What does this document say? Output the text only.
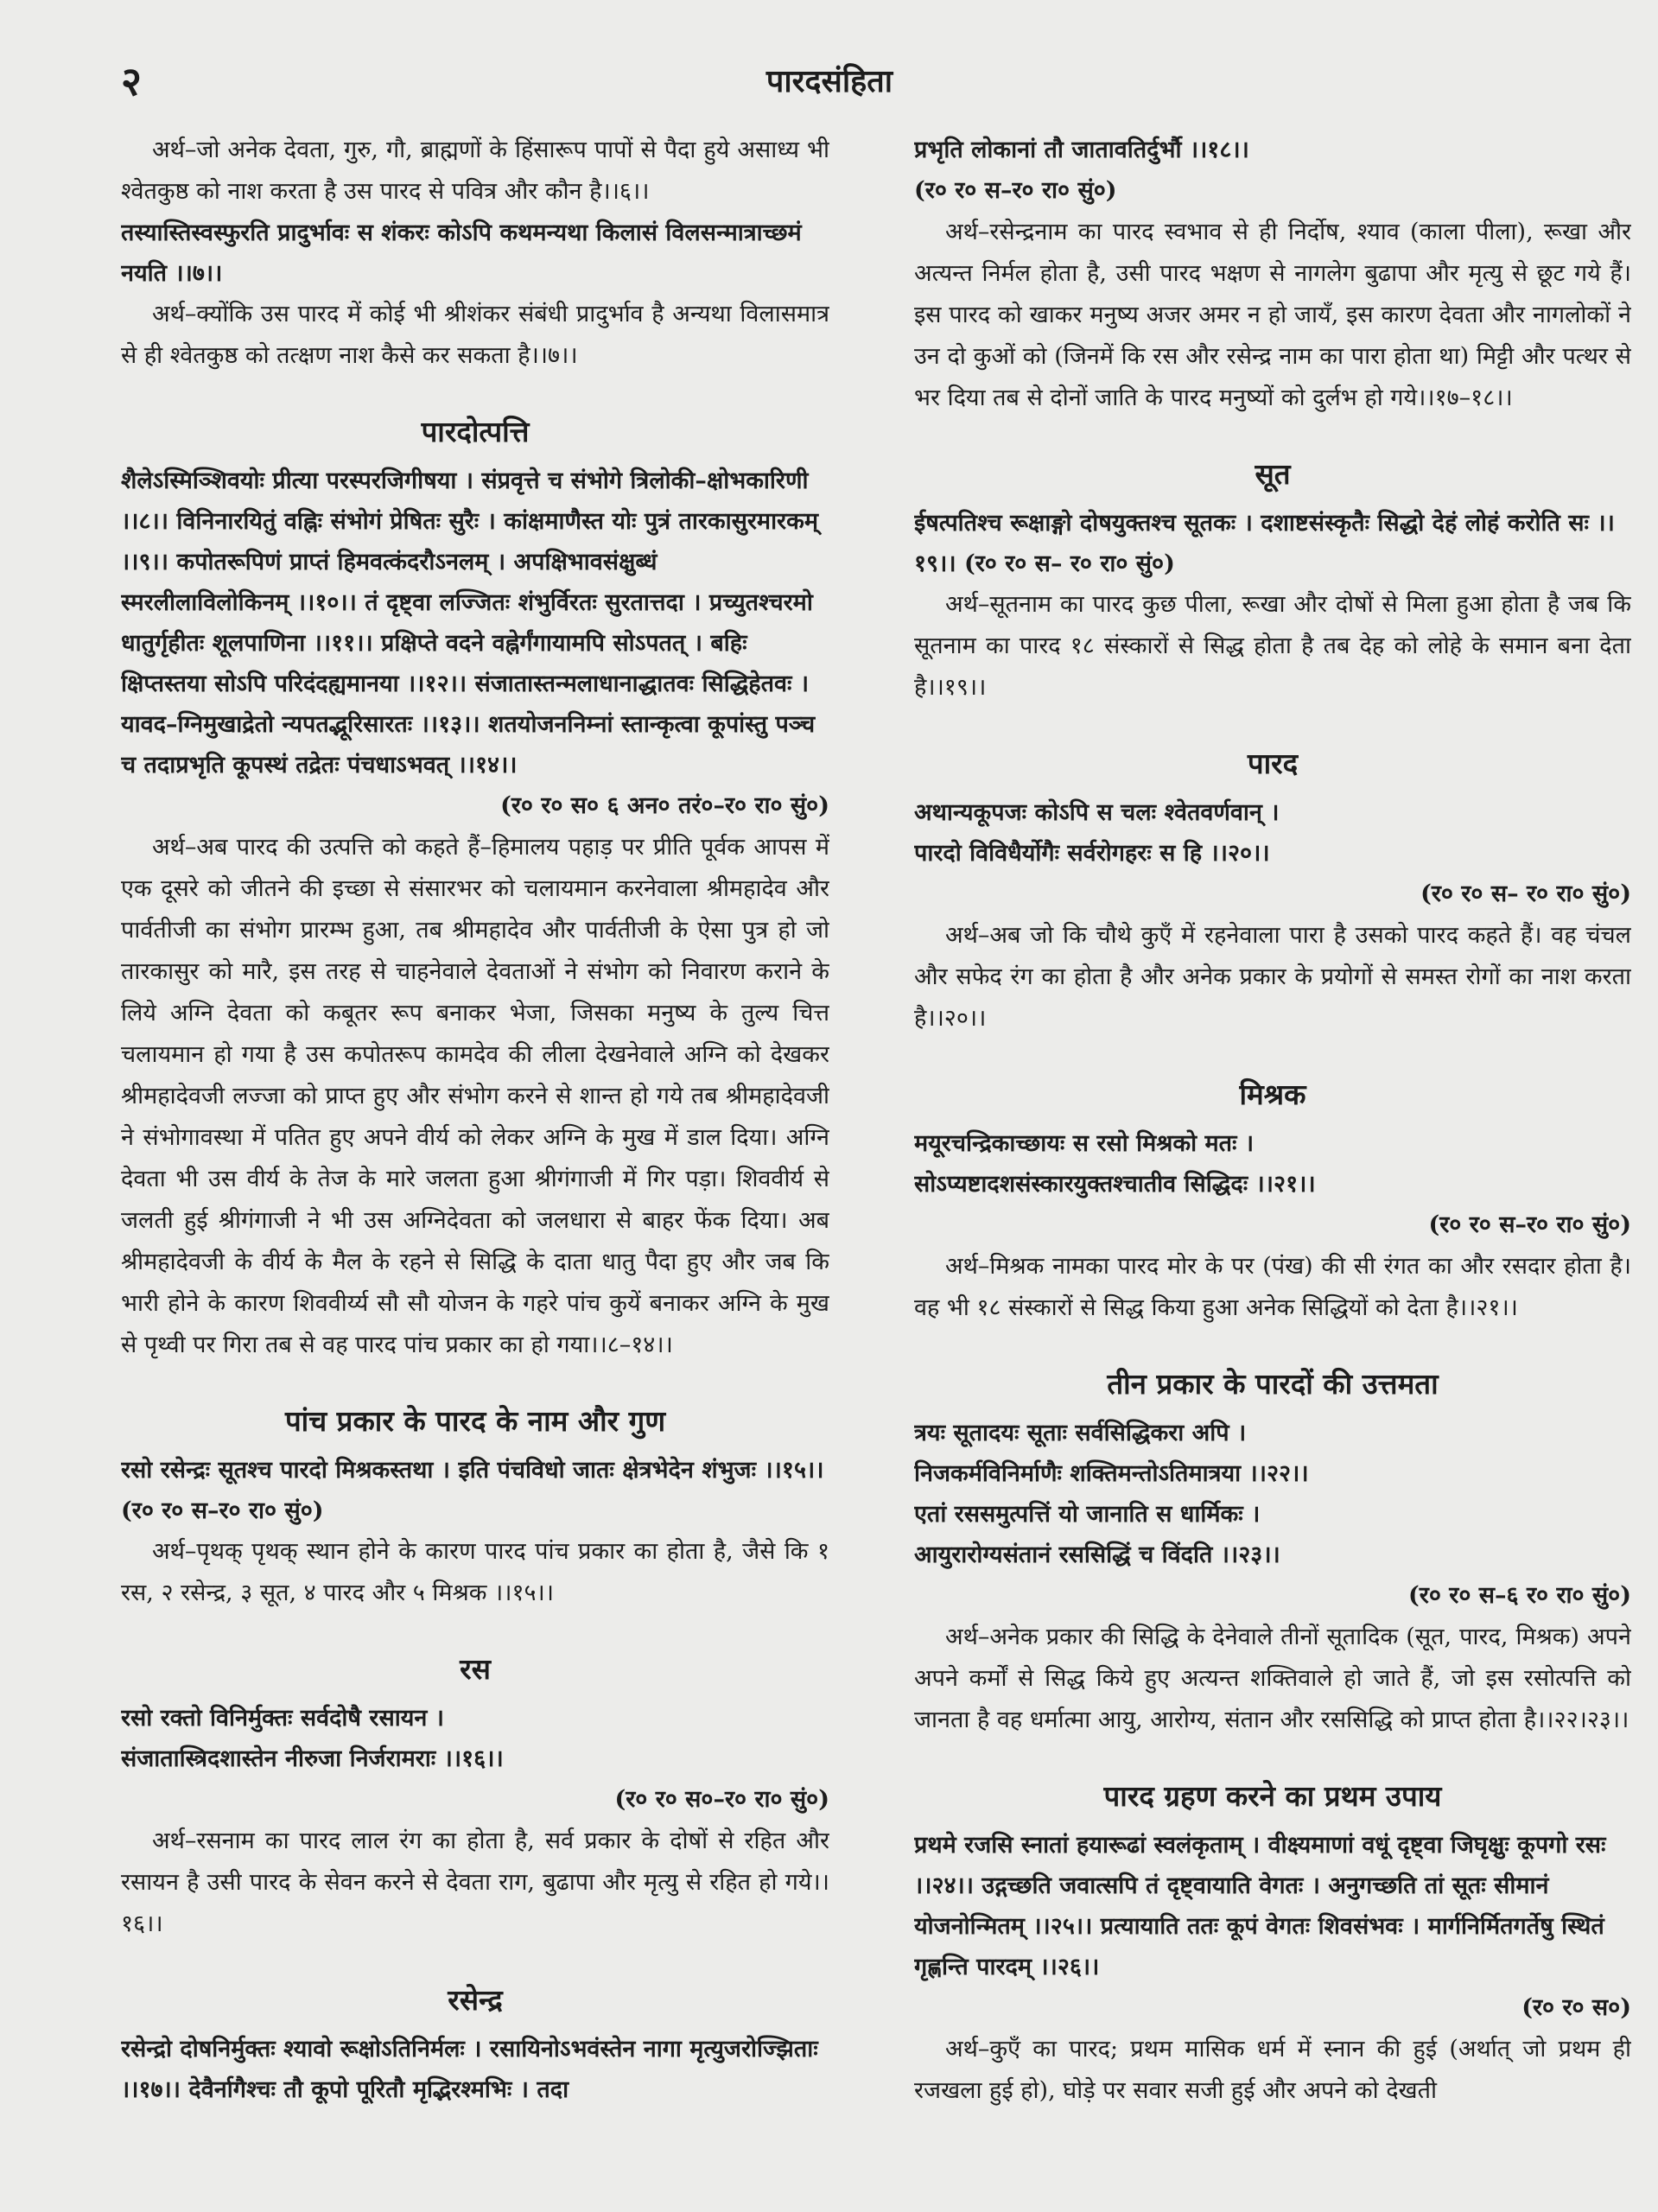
२	पारदसंहिता

अर्थ–जो अनेक देवता, गुरु, गौ, ब्राह्मणों के हिंसारूप पापों से पैदा हुये असाध्य भी श्वेतकुष्ठ को नाश करता है उस पारद से पवित्र और कौन है।।६।।

तस्यास्तिस्वस्फुरति प्रादुर्भावः स शंकरः कोऽपि कथमन्यथा किलासं विलसन्मात्राच्छमं नयति ।।७।।

अर्थ–क्योंकि उस पारद में कोई भी श्रीशंकर संबंधी प्रादुर्भाव है अन्यथा विलासमात्र से ही श्वेतकुष्ठ को तत्क्षण नाश कैसे कर सकता है।।७।।

पारदोत्पत्ति

शैलेऽस्मिञ्शिवयोः प्रीत्या परस्परजिगीषया । संप्रवृत्ते च संभोगे त्रिलोकी–क्षोभकारिणी ।।८।। विनिनारयितुं वह्निः संभोगं प्रेषितः सुरैः । कांक्षमाणैस्त योः पुत्रं तारकासुरमारकम् ।।९।। कपोतरूपिणं प्राप्तं हिमवत्कंदरौऽनलम् । अपक्षिभावसंक्षुब्धं स्मरलीलाविलोकिनम् ।।१०।। तं दृष्ट्वा लज्जितः शंभुर्विरतः सुरतात्तदा । प्रच्युतश्चरमो धातुर्गृहीतः शूलपाणिना ।।११।। प्रक्षिप्ते वदने वह्नेर्गंगायामपि सोऽपतत् । बहिः क्षिप्तस्तया सोऽपि परिदंदह्यमानया ।।१२।। संजातास्तन्मलाधानाद्धातवः सिद्धिहेतवः । यावद–ग्निमुखाद्रेतो न्यपतद्भूरिसारतः ।।१३।। शतयोजननिम्नां स्तान्कृत्वा कूपांस्तु पञ्च च तदाप्रभृति कूपस्थं तद्रेतः पंचधाऽभवत् ।।१४।।

(र० र० स० ६ अन० तरं०–र० रा० सुं०)

अर्थ–अब पारद की उत्पत्ति को कहते हैं–हिमालय पहाड़ पर प्रीति पूर्वक आपस में एक दूसरे को जीतने की इच्छा से संसारभर को चलायमान करनेवाला श्रीमहादेव और पार्वतीजी का संभोग प्रारम्भ हुआ, तब श्रीमहादेव और पार्वतीजी के ऐसा पुत्र हो जो तारकासुर को मारै, इस तरह से चाहनेवाले देवताओं ने संभोग को निवारण कराने के लिये अग्नि देवता को कबूतर रूप बनाकर भेजा, जिसका मनुष्य के तुल्य चित्त चलायमान हो गया है उस कपोतरूप कामदेव की लीला देखनेवाले अग्नि को देखकर श्रीमहादेवजी लज्जा को प्राप्त हुए और संभोग करने से शान्त हो गये तब श्रीमहादेवजी ने संभोगावस्था में पतित हुए अपने वीर्य को लेकर अग्नि के मुख में डाल दिया। अग्नि देवता भी उस वीर्य के तेज के मारे जलता हुआ श्रीगंगाजी में गिर पड़ा। शिववीर्य से जलती हुई श्रीगंगाजी ने भी उस अग्निदेवता को जलधारा से बाहर फेंक दिया। अब श्रीमहादेवजी के वीर्य के मैल के रहने से सिद्धि के दाता धातु पैदा हुए और जब कि भारी होने के कारण शिववीर्य्य सौ सौ योजन के गहरे पांच कुयें बनाकर अग्नि के मुख से पृथ्वी पर गिरा तब से वह पारद पांच प्रकार का हो गया।।८–१४।।

पांच प्रकार के पारद के नाम और गुण

रसो रसेन्द्रः सूतश्च पारदो मिश्रकस्तथा । इति पंचविधो जातः क्षेत्रभेदेन शंभुजः ।।१५।। (र० र० स–र० रा० सुं०)

अर्थ–पृथक् पृथक् स्थान होने के कारण पारद पांच प्रकार का होता है, जैसे कि १ रस, २ रसेन्द्र, ३ सूत, ४ पारद और ५ मिश्रक ।।१५।।

रस

रसो रक्तो विनिर्मुक्तः सर्वदोषै रसायन ।

संजातास्त्रिदशास्तेन नीरुजा निर्जरामराः ।।१६।।

(र० र० स०–र० रा० सुं०)

अर्थ–रसनाम का पारद लाल रंग का होता है, सर्व प्रकार के दोषों से रहित और रसायन है उसी पारद के सेवन करने से देवता राग, बुढापा और मृत्यु से रहित हो गये।।१६।।

रसेन्द्र

रसेन्द्रो दोषनिर्मुक्तः श्यावो रूक्षोऽतिनिर्मलः । रसायिनोऽभवंस्तेन नागा मृत्युजरोज्झिताः ।।१७।। देवैर्नागैश्चः तौ कूपो पूरितौ मृद्भिरश्मभिः । तदा

प्रभृति लोकानां तौ जातावतिर्दुर्भौ ।।१८।।

(र० र० स–र० रा० सुं०)

अर्थ–रसेन्द्रनाम का पारद स्वभाव से ही निर्दोष, श्याव (काला पीला), रूखा और अत्यन्त निर्मल होता है, उसी पारद भक्षण से नागलेग बुढापा और मृत्यु से छूट गये हैं। इस पारद को खाकर मनुष्य अजर अमर न हो जायँ, इस कारण देवता और नागलोकों ने उन दो कुओं को (जिनमें कि रस और रसेन्द्र नाम का पारा होता था) मिट्टी और पत्थर से भर दिया तब से दोनों जाति के पारद मनुष्यों को दुर्लभ हो गये।।१७–१८।।

सूत

ईषत्पतिश्च रूक्षाङ्गो दोषयुक्तश्च सूतकः । दशाष्टसंस्कृतैः सिद्धो देहं लोहं करोति सः ।।१९।। (र० र० स– र० रा० सुं०)

अर्थ–सूतनाम का पारद कुछ पीला, रूखा और दोषों से मिला हुआ होता है जब कि सूतनाम का पारद १८ संस्कारों से सिद्ध होता है तब देह को लोहे के समान बना देता है।।१९।।

पारद

अथान्यकूपजः कोऽपि स चलः श्वेतवर्णवान् ।

पारदो विविधैर्योगैः सर्वरोगहरः स हि ।।२०।।

(र० र० स– र० रा० सुं०)

अर्थ–अब जो कि चौथे कुएँ में रहनेवाला पारा है उसको पारद कहते हैं। वह चंचल और सफेद रंग का होता है और अनेक प्रकार के प्रयोगों से समस्त रोगों का नाश करता है।।२०।।

मिश्रक

मयूरचन्द्रिकाच्छायः स रसो मिश्रको मतः ।

सोऽप्यष्टादशसंस्कारयुक्तश्चातीव सिद्धिदः ।।२१।।

(र० र० स–र० रा० सुं०)

अर्थ–मिश्रक नामका पारद मोर के पर (पंख) की सी रंगत का और रसदार होता है। वह भी १८ संस्कारों से सिद्ध किया हुआ अनेक सिद्धियों को देता है।।२१।।

तीन प्रकार के पारदों की उत्तमता

त्रयः सूतादयः सूताः सर्वसिद्धिकरा अपि ।

निजकर्मविनिर्माणैः शक्तिमन्तोऽतिमात्रया ।।२२।।

एतां रससमुत्पत्तिं यो जानाति स धार्मिकः ।

आयुरारोग्यसंतानं रससिद्धिं च विंदति ।।२३।।

(र० र० स–६ र० रा० सुं०)

अर्थ–अनेक प्रकार की सिद्धि के देनेवाले तीनों सूतादिक (सूत, पारद, मिश्रक) अपने अपने कर्मों से सिद्ध किये हुए अत्यन्त शक्तिवाले हो जाते हैं, जो इस रसोत्पत्ति को जानता है वह धर्मात्मा आयु, आरोग्य, संतान और रससिद्धि को प्राप्त होता है।।२२।२३।।

पारद ग्रहण करने का प्रथम उपाय

प्रथमे रजसि स्नातां हयारूढां स्वलंकृताम् । वीक्ष्यमाणां वधूं दृष्ट्वा जिघृक्षुः कूपगो रसः ।।२४।। उद्गच्छति जवात्सपि तं दृष्ट्वायाति वेगतः । अनुगच्छति तां सूतः सीमानं योजनोन्मितम् ।।२५।। प्रत्यायाति ततः कूपं वेगतः शिवसंभवः । मार्गनिर्मितगर्तेषु स्थितं गृह्णन्ति पारदम् ।।२६।।

(र० र० स०)

अर्थ–कुएँ का पारद; प्रथम मासिक धर्म में स्नान की हुई (अर्थात् जो प्रथम ही रजखला हुई हो), घोड़े पर सवार सजी हुई और अपने को देखती
